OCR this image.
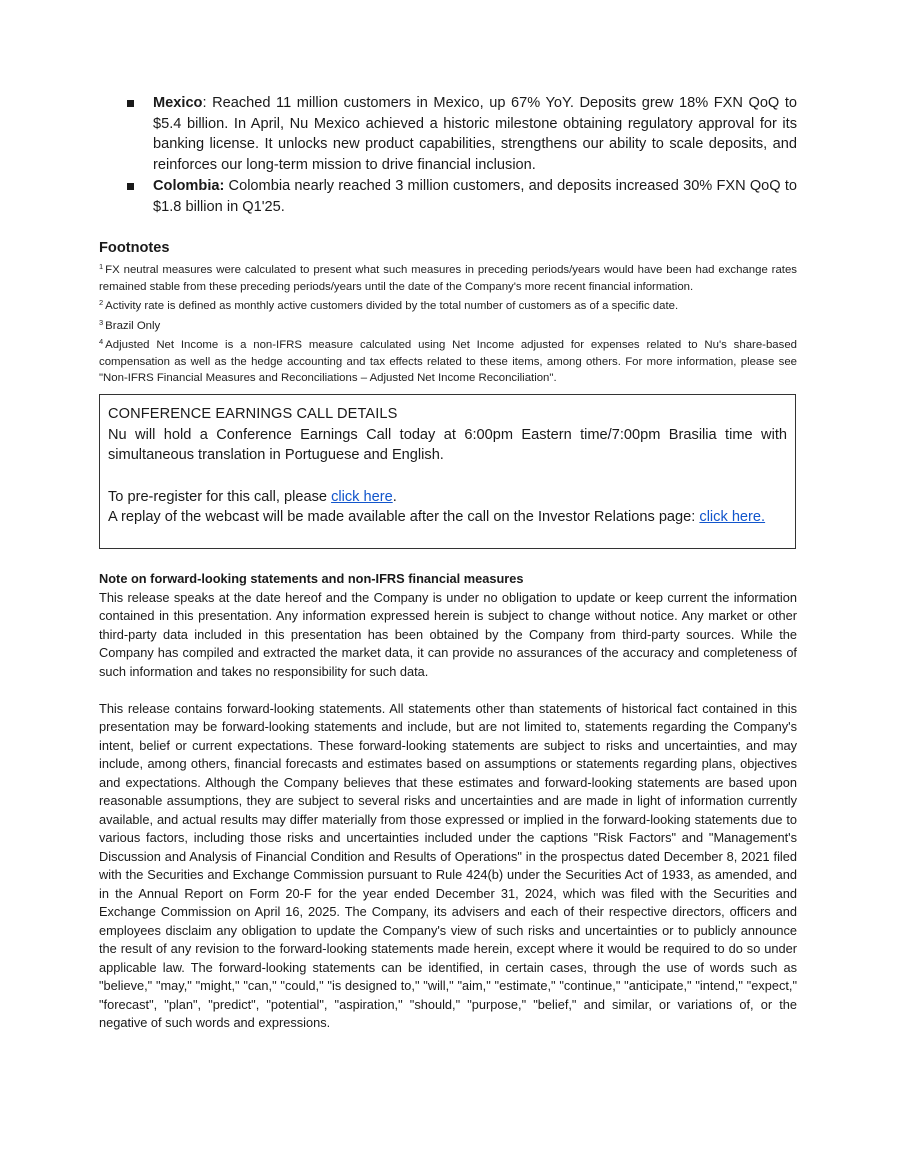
Mexico: Reached 11 million customers in Mexico, up 67% YoY. Deposits grew 18% FXN QoQ to $5.4 billion. In April, Nu Mexico achieved a historic milestone obtaining regulatory approval for its banking license. It unlocks new product capabilities, strengthens our ability to scale deposits, and reinforces our long-term mission to drive financial inclusion.
Colombia: Colombia nearly reached 3 million customers, and deposits increased 30% FXN QoQ to $1.8 billion in Q1'25.
Footnotes
$^1$ FX neutral measures were calculated to present what such measures in preceding periods/years would have been had exchange rates remained stable from these preceding periods/years until the date of the Company's more recent financial information.
$^2$ Activity rate is defined as monthly active customers divided by the total number of customers as of a specific date.
$^3$ Brazil Only
$^4$ Adjusted Net Income is a non-IFRS measure calculated using Net Income adjusted for expenses related to Nu's share-based compensation as well as the hedge accounting and tax effects related to these items, among others. For more information, please see "Non-IFRS Financial Measures and Reconciliations – Adjusted Net Income Reconciliation".
CONFERENCE EARNINGS CALL DETAILS
Nu will hold a Conference Earnings Call today at 6:00pm Eastern time/7:00pm Brasilia time with simultaneous translation in Portuguese and English.
To pre-register for this call, please click here.
A replay of the webcast will be made available after the call on the Investor Relations page: click here.
Note on forward-looking statements and non-IFRS financial measures
This release speaks at the date hereof and the Company is under no obligation to update or keep current the information contained in this presentation. Any information expressed herein is subject to change without notice. Any market or other third-party data included in this presentation has been obtained by the Company from third-party sources. While the Company has compiled and extracted the market data, it can provide no assurances of the accuracy and completeness of such information and takes no responsibility for such data.
This release contains forward-looking statements. All statements other than statements of historical fact contained in this presentation may be forward-looking statements and include, but are not limited to, statements regarding the Company's intent, belief or current expectations. These forward-looking statements are subject to risks and uncertainties, and may include, among others, financial forecasts and estimates based on assumptions or statements regarding plans, objectives and expectations. Although the Company believes that these estimates and forward-looking statements are based upon reasonable assumptions, they are subject to several risks and uncertainties and are made in light of information currently available, and actual results may differ materially from those expressed or implied in the forward-looking statements due to various factors, including those risks and uncertainties included under the captions "Risk Factors" and "Management's Discussion and Analysis of Financial Condition and Results of Operations" in the prospectus dated December 8, 2021 filed with the Securities and Exchange Commission pursuant to Rule 424(b) under the Securities Act of 1933, as amended, and in the Annual Report on Form 20-F for the year ended December 31, 2024, which was filed with the Securities and Exchange Commission on April 16, 2025. The Company, its advisers and each of their respective directors, officers and employees disclaim any obligation to update the Company's view of such risks and uncertainties or to publicly announce the result of any revision to the forward-looking statements made herein, except where it would be required to do so under applicable law. The forward-looking statements can be identified, in certain cases, through the use of words such as "believe," "may," "might," "can," "could," "is designed to," "will," "aim," "estimate," "continue," "anticipate," "intend," "expect," "forecast", "plan", "predict", "potential", "aspiration," "should," "purpose," "belief," and similar, or variations of, or the negative of such words and expressions.
